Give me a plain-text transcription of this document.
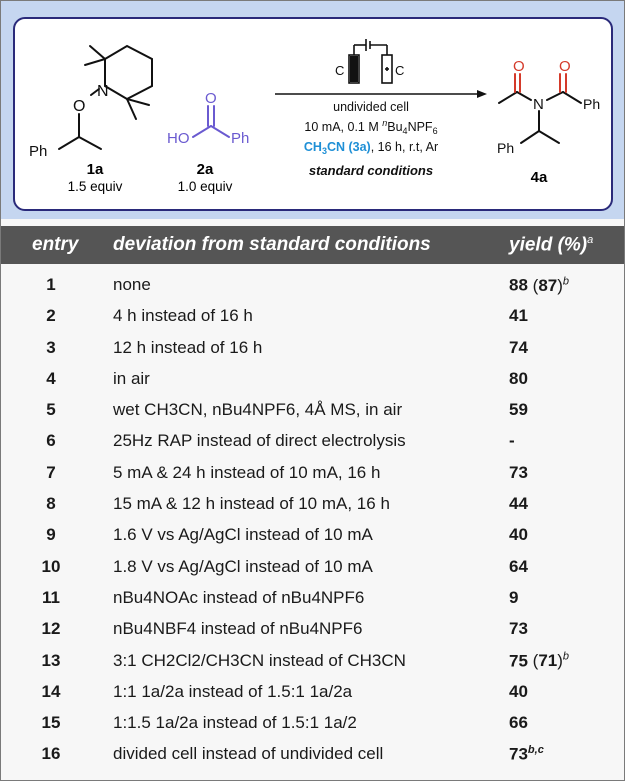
N
O
Ph
HO
O
Ph
C	C
undivided cell
10 mA, 0.1 M $^nBu_4NPF_6$
$CH_3CN$ (3a), 16 h, r.t, Ar
standard conditions
O O
N	Ph
Ph
1a
1.5 equiv
2a
1.0 equiv
4a
entry deviation from standard conditions	yield (%)$^a$
1	none	88 $(87)^b$
2	4 h instead of 16 h	41
3	12 h instead of 16 h	74
4	in air	80
5	wet CH3CN, nBu4NPF6, 4Å MS, in air	59
6	25Hz RAP instead of direct electrolysis	-
7	5 mA & 24 h instead of 10 mA, 16 h	73
8	15 mA & 12 h instead of 10 mA, 16 h	44
9	1.6 V vs Ag/AgCl instead of 10 mA	40
10	1.8 V vs Ag/AgCl instead of 10 mA	64
11	nBu4NOAc instead of nBu4NPF6	9
12	nBu4NBF4 instead of nBu4NPF6	73
13	3:1 CH2Cl2/CH3CN instead of CH3CN	75 $(71)^b$
14	1:1 1a/2a instead of 1.5:1 1a/2a	40
15	1:1.5 1a/2a instead of 1.5:1 1a/2	66
16	divided cell instead of undivided cell	73$^{b,c}$
